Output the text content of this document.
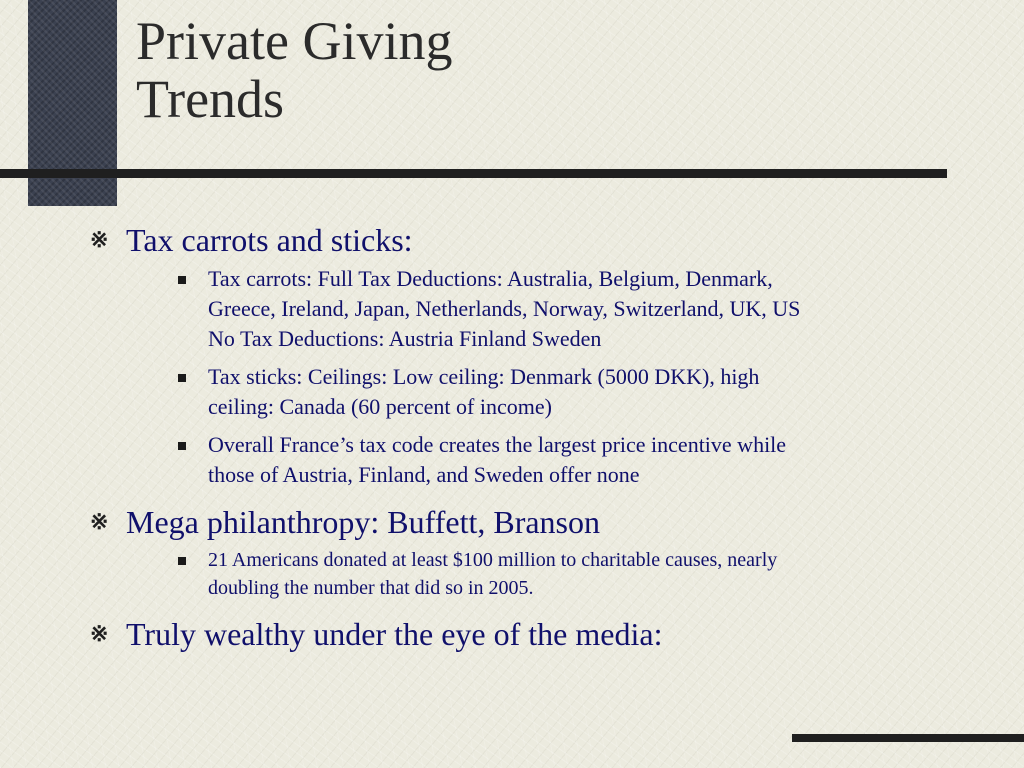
Private Giving
Trends
※ Tax carrots and sticks:
Tax carrots: Full Tax Deductions: Australia, Belgium, Denmark,
Greece, Ireland, Japan, Netherlands, Norway, Switzerland, UK, US
No Tax Deductions: Austria Finland Sweden
Tax sticks: Ceilings: Low ceiling: Denmark (5000 DKK), high
ceiling: Canada (60 percent of income)
Overall France’s tax code creates the largest price incentive while
those of Austria, Finland, and Sweden offer none
※ Mega philanthropy: Buffett, Branson
21 Americans donated at least $100 million to charitable causes, nearly
doubling the number that did so in 2005.
※ Truly wealthy under the eye of the media:
